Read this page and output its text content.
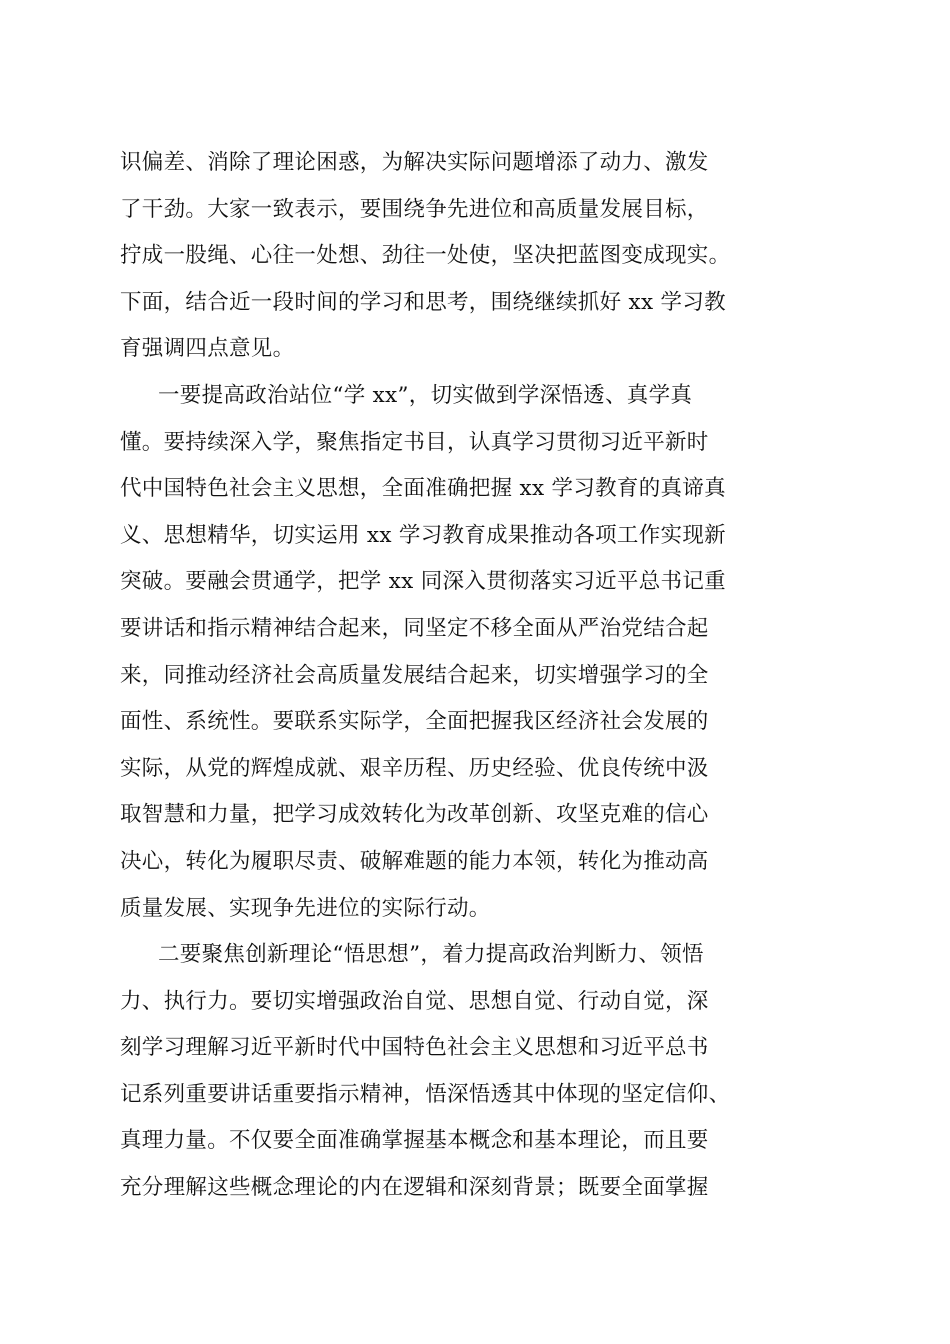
识偏差、消除了理论困惑，为解决实际问题增添了动力、激发
了干劲。大家一致表示，要围绕争先进位和高质量发展目标，
拧成一股绳、心往一处想、劲往一处使，坚决把蓝图变成现实。
下面，结合近一段时间的学习和思考，围绕继续抓好 xx 学习教
育强调四点意见。
一要提高政治站位“学 xx”，切实做到学深悟透、真学真
懂。要持续深入学，聚焦指定书目，认真学习贯彻习近平新时
代中国特色社会主义思想，全面准确把握 xx 学习教育的真谛真
义、思想精华，切实运用 xx 学习教育成果推动各项工作实现新
突破。要融会贯通学，把学 xx 同深入贯彻落实习近平总书记重
要讲话和指示精神结合起来，同坚定不移全面从严治党结合起
来，同推动经济社会高质量发展结合起来，切实增强学习的全
面性、系统性。要联系实际学，全面把握我区经济社会发展的
实际，从党的辉煌成就、艰辛历程、历史经验、优良传统中汲
取智慧和力量，把学习成效转化为改革创新、攻坚克难的信心
决心，转化为履职尽责、破解难题的能力本领，转化为推动高
质量发展、实现争先进位的实际行动。
二要聚焦创新理论“悟思想”，着力提高政治判断力、领悟
力、执行力。要切实增强政治自觉、思想自觉、行动自觉，深
刻学习理解习近平新时代中国特色社会主义思想和习近平总书
记系列重要讲话重要指示精神，悟深悟透其中体现的坚定信仰、
真理力量。不仅要全面准确掌握基本概念和基本理论，而且要
充分理解这些概念理论的内在逻辑和深刻背景；既要全面掌握
